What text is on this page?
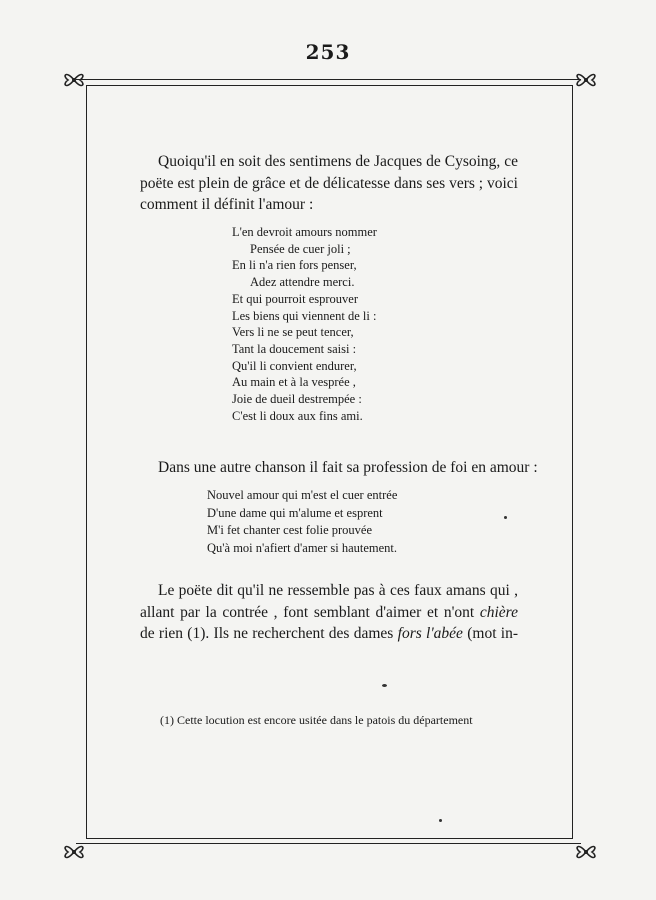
253
Quoiqu'il en soit des sentimens de Jacques de Cysoing, ce
poëte est plein de grâce et de délicatesse dans ses vers ; voici
comment il définit l'amour :
L'en devroit amours nommer
Pensée de cuer joli ;
En li n'a rien fors penser,
Adez attendre merci.
Et qui pourroit esprouver
Les biens qui viennent de li :
Vers li ne se peut tencer,
Tant la doucement saisi :
Qu'il li convient endurer,
Au main et à la vesprée ,
Joie de dueil destrempée :
C'est li doux aux fins ami.
Dans une autre chanson il fait sa profession de foi en amour :
Nouvel amour qui m'est el cuer entrée
D'une dame qui m'alume et esprent
M'i fet chanter cest folie prouvée
Qu'à moi n'afiert d'amer si hautement.
Le poëte dit qu'il ne ressemble pas à ces faux amans qui ,
allant par la contrée , font semblant d'aimer et n'ont chière
de rien (1). Ils ne recherchent des dames fors l'abée (mot in-
(1) Cette locution est encore usitée dans le patois du département
